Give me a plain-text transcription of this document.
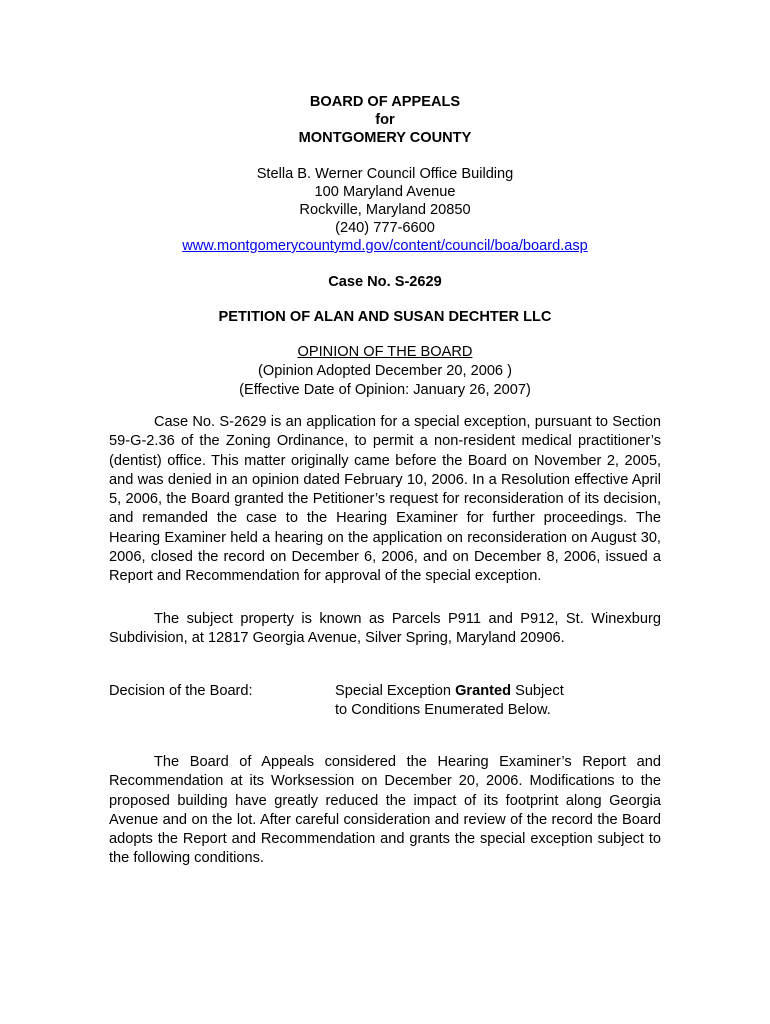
BOARD OF APPEALS
for
MONTGOMERY COUNTY
Stella B. Werner Council Office Building
100 Maryland Avenue
Rockville, Maryland 20850
(240) 777-6600
www.montgomerycountymd.gov/content/council/boa/board.asp
Case No. S-2629
PETITION OF ALAN AND SUSAN DECHTER LLC
OPINION OF THE BOARD
(Opinion Adopted December 20, 2006 )
(Effective Date of Opinion: January 26, 2007)
Case No. S-2629 is an application for a special exception, pursuant to Section 59-G-2.36 of the Zoning Ordinance, to permit a non-resident medical practitioner’s (dentist) office. This matter originally came before the Board on November 2, 2005, and was denied in an opinion dated February 10, 2006. In a Resolution effective April 5, 2006, the Board granted the Petitioner’s request for reconsideration of its decision, and remanded the case to the Hearing Examiner for further proceedings. The Hearing Examiner held a hearing on the application on reconsideration on August 30, 2006, closed the record on December 6, 2006, and on December 8, 2006, issued a Report and Recommendation for approval of the special exception.
The subject property is known as Parcels P911 and P912, St. Winexburg Subdivision, at 12817 Georgia Avenue, Silver Spring, Maryland 20906.
Decision of the Board:	Special Exception Granted Subject
to Conditions Enumerated Below.
The Board of Appeals considered the Hearing Examiner’s Report and Recommendation at its Worksession on December 20, 2006. Modifications to the proposed building have greatly reduced the impact of its footprint along Georgia Avenue and on the lot. After careful consideration and review of the record the Board adopts the Report and Recommendation and grants the special exception subject to the following conditions.
